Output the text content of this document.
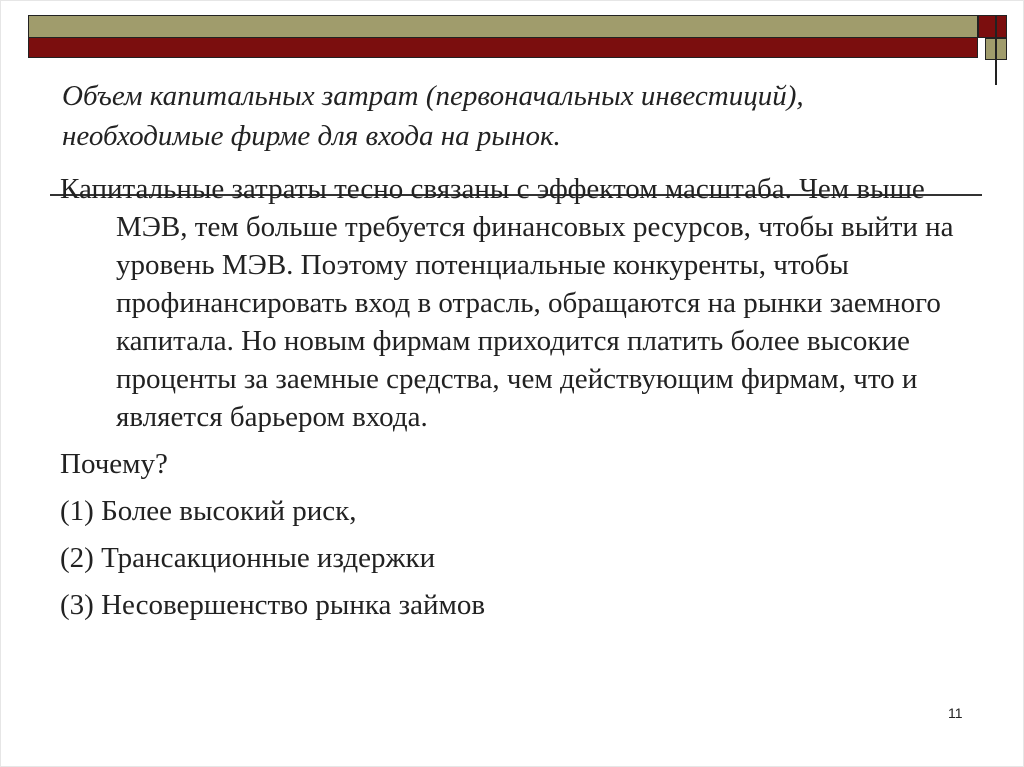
Объем капитальных затрат (первоначальных инвестиций), необходимые фирме для входа на рынок.

Капитальные затраты тесно связаны с эффектом масштаба. Чем выше МЭВ, тем больше требуется финансовых ресурсов, чтобы выйти на уровень МЭВ. Поэтому потенциальные конкуренты, чтобы профинансировать вход в отрасль, обращаются на рынки заемного капитала. Но новым фирмам приходится платить более высокие проценты за заемные средства, чем действующим фирмам, что и является барьером входа.

Почему?

(1) Более высокий риск,

(2) Трансакционные издержки

(3) Несовершенство рынка займов

11
